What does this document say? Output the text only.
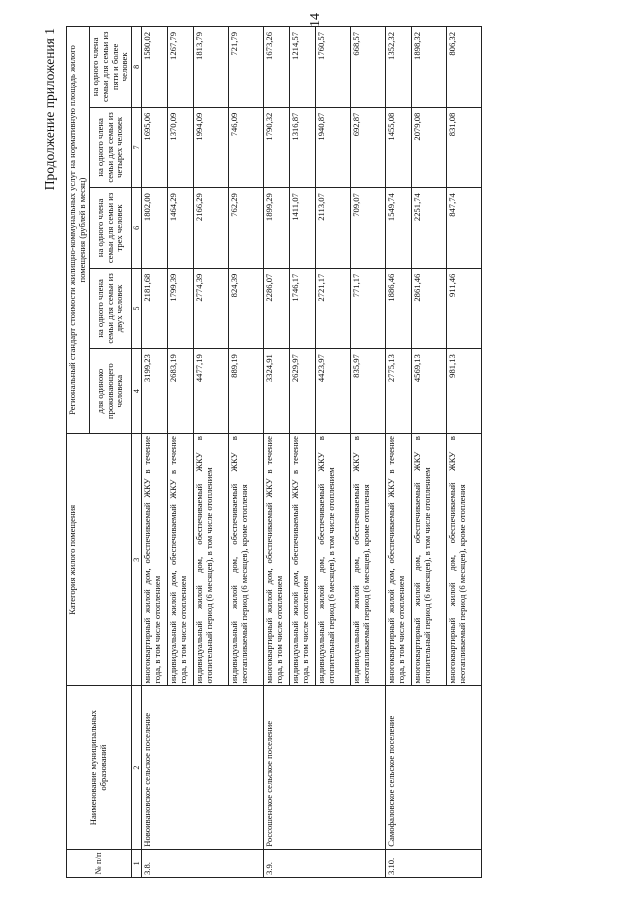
14
Продолжение приложения 1
№ п/п	Наименование муниципальных образований	Категория жилого помещения	Региональный стандарт стоимости жилищно-коммунальных услуг на нормативную площадь жилого помещения (рублей в месяц)				
			для одиноко проживающего человека	на одного члена семьи для семьи из двух человек	на одного члена семьи для семьи из трех человек	на одного члена семьи для семьи из четырех человек	на одного члена семьи для семьи из пяти и более человек
1	2	3	4	5	6	7	8
3.8.	Новоивановское сельское поселение	многоквартирный жилой дом, обеспечиваемый ЖКУ в течение года, в том числе отоплением	3199,23	2181,68	1802,00	1695,06	1580,02
		индивидуальный жилой дом, обеспечиваемый ЖКУ в течение года, в том числе отоплением	2683,19	1799,39	1464,29	1370,09	1267,79
		индивидуальный жилой дом, обеспечиваемый ЖКУ в отопительный период (6 месяцев), в том числе отоплением	4477,19	2774,39	2166,29	1994,09	1813,79
		индивидуальный жилой дом, обеспечиваемый ЖКУ в неотапливаемый период (6 месяцев), кроме отопления	889,19	824,39	762,29	746,09	721,79
3.9.	Россошенское сельское поселение	многоквартирный жилой дом, обеспечиваемый ЖКУ в течение года, в том числе отоплением	3324,91	2286,07	1899,29	1790,32	1673,26
		индивидуальный жилой дом, обеспечиваемый ЖКУ в течение года, в том числе отоплением	2629,97	1746,17	1411,07	1316,87	1214,57
		индивидуальный жилой дом, обеспечиваемый ЖКУ в отопительный период (6 месяцев), в том числе отоплением	4423,97	2721,17	2113,07	1940,87	1760,57
		индивидуальный жилой дом, обеспечиваемый ЖКУ в неотапливаемый период (6 месяцев), кроме отопления	835,97	771,17	709,07	692,87	668,57
3.10.	Самофаловское сельское поселение	многоквартирный жилой дом, обеспечиваемый ЖКУ в течение года, в том числе отоплением	2775,13	1886,46	1549,74	1455,08	1352,32
		многоквартирный жилой дом, обеспечиваемый ЖКУ в отопительный период (6 месяцев), в том числе отоплением	4569,13	2861,46	2251,74	2079,08	1898,32
		многоквартирный жилой дом, обеспечиваемый ЖКУ в неотапливаемый период (6 месяцев), кроме отопления	981,13	911,46	847,74	831,08	806,32
